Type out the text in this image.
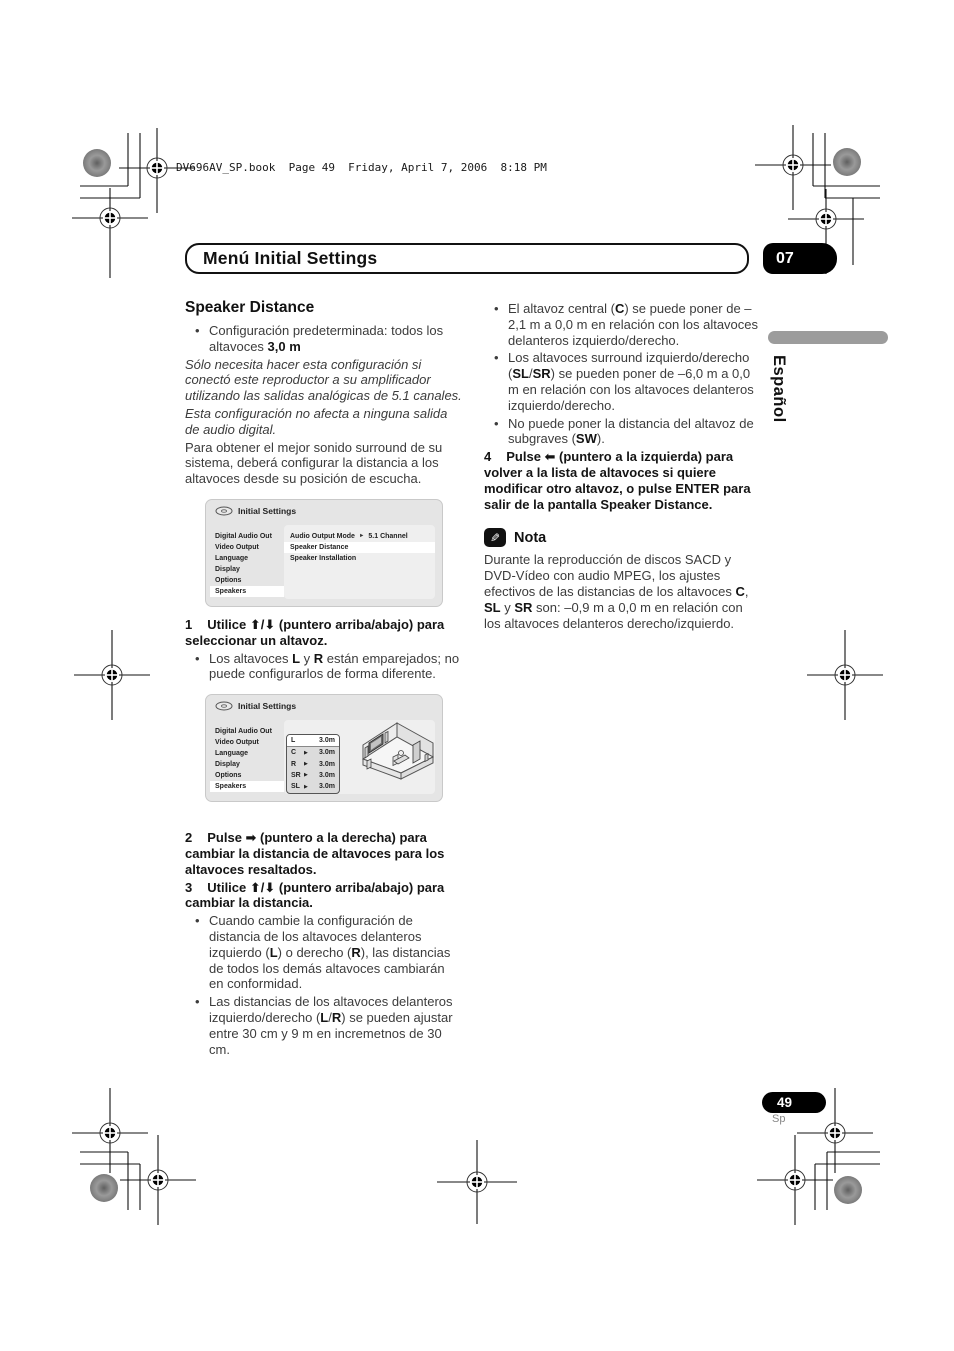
DV696AV_SP.book  Page 49  Friday, April 7, 2006  8:18 PM
Menú Initial Settings	07
Speaker Distance
• Configuración predeterminada: todos los altavoces 3,0 m

Sólo necesita hacer esta configuración si conectó este reproductor a su amplificador utilizando las salidas analógicas de 5.1 canales.

Esta configuración no afecta a ninguna salida de audio digital.

Para obtener el mejor sonido surround de su sistema, deberá configurar la distancia a los altavoces desde su posición de escucha.

Initial Settings
Digital Audio Out
Video Output
Language
Display
Options
Speakers
Audio Output Mode ► 5.1 Channel
Speaker Distance
Speaker Installation

1 Utilice ⬆/⬇ (puntero arriba/abajo) para seleccionar un altavoz.

• Los altavoces L y R están emparejados; no puede configurarlos de forma diferente.
Initial Settings
Digital Audio Out
Video Output
Language
Display
Options
Speakers
L	3.0m
C	▶	3.0m
R	▶	3.0m
SR ▶	3.0m
SL ▶	3.0m

2 Pulse ➡ (puntero a la derecha) para cambiar la distancia de altavoces para los altavoces resaltados.

3 Utilice ⬆/⬇ (puntero arriba/abajo) para cambiar la distancia.

• Cuando cambie la configuración de distancia de los altavoces delanteros izquierdo (L) o derecho (R), las distancias de todos los demás altavoces cambiarán en conformidad.
• Las distancias de los altavoces delanteros izquierdo/derecho (L/R) se pueden ajustar entre 30 cm y 9 m en incremetnos de 30 cm.
• El altavoz central (C) se puede poner de –2,1 m a 0,0 m en relación con los altavoces delanteros izquierdo/derecho.
• Los altavoces surround izquierdo/derecho (SL/SR) se pueden poner de –6,0 m a 0,0 m en relación con los altavoces delanteros izquierdo/derecho.
• No puede poner la distancia del altavoz de subgraves (SW).

4 Pulse ⬅ (puntero a la izquierda) para volver a la lista de altavoces si quiere modificar otro altavoz, o pulse ENTER para salir de la pantalla Speaker Distance.

✎ Nota

Durante la reproducción de discos SACD y DVD-Vídeo con audio MPEG, los ajustes efectivos de las distancias de los altavoces C, SL y SR son: –0,9 m a 0,0 m en relación con los altavoces delanteros derecho/izquierdo.

Español
49
Sp
